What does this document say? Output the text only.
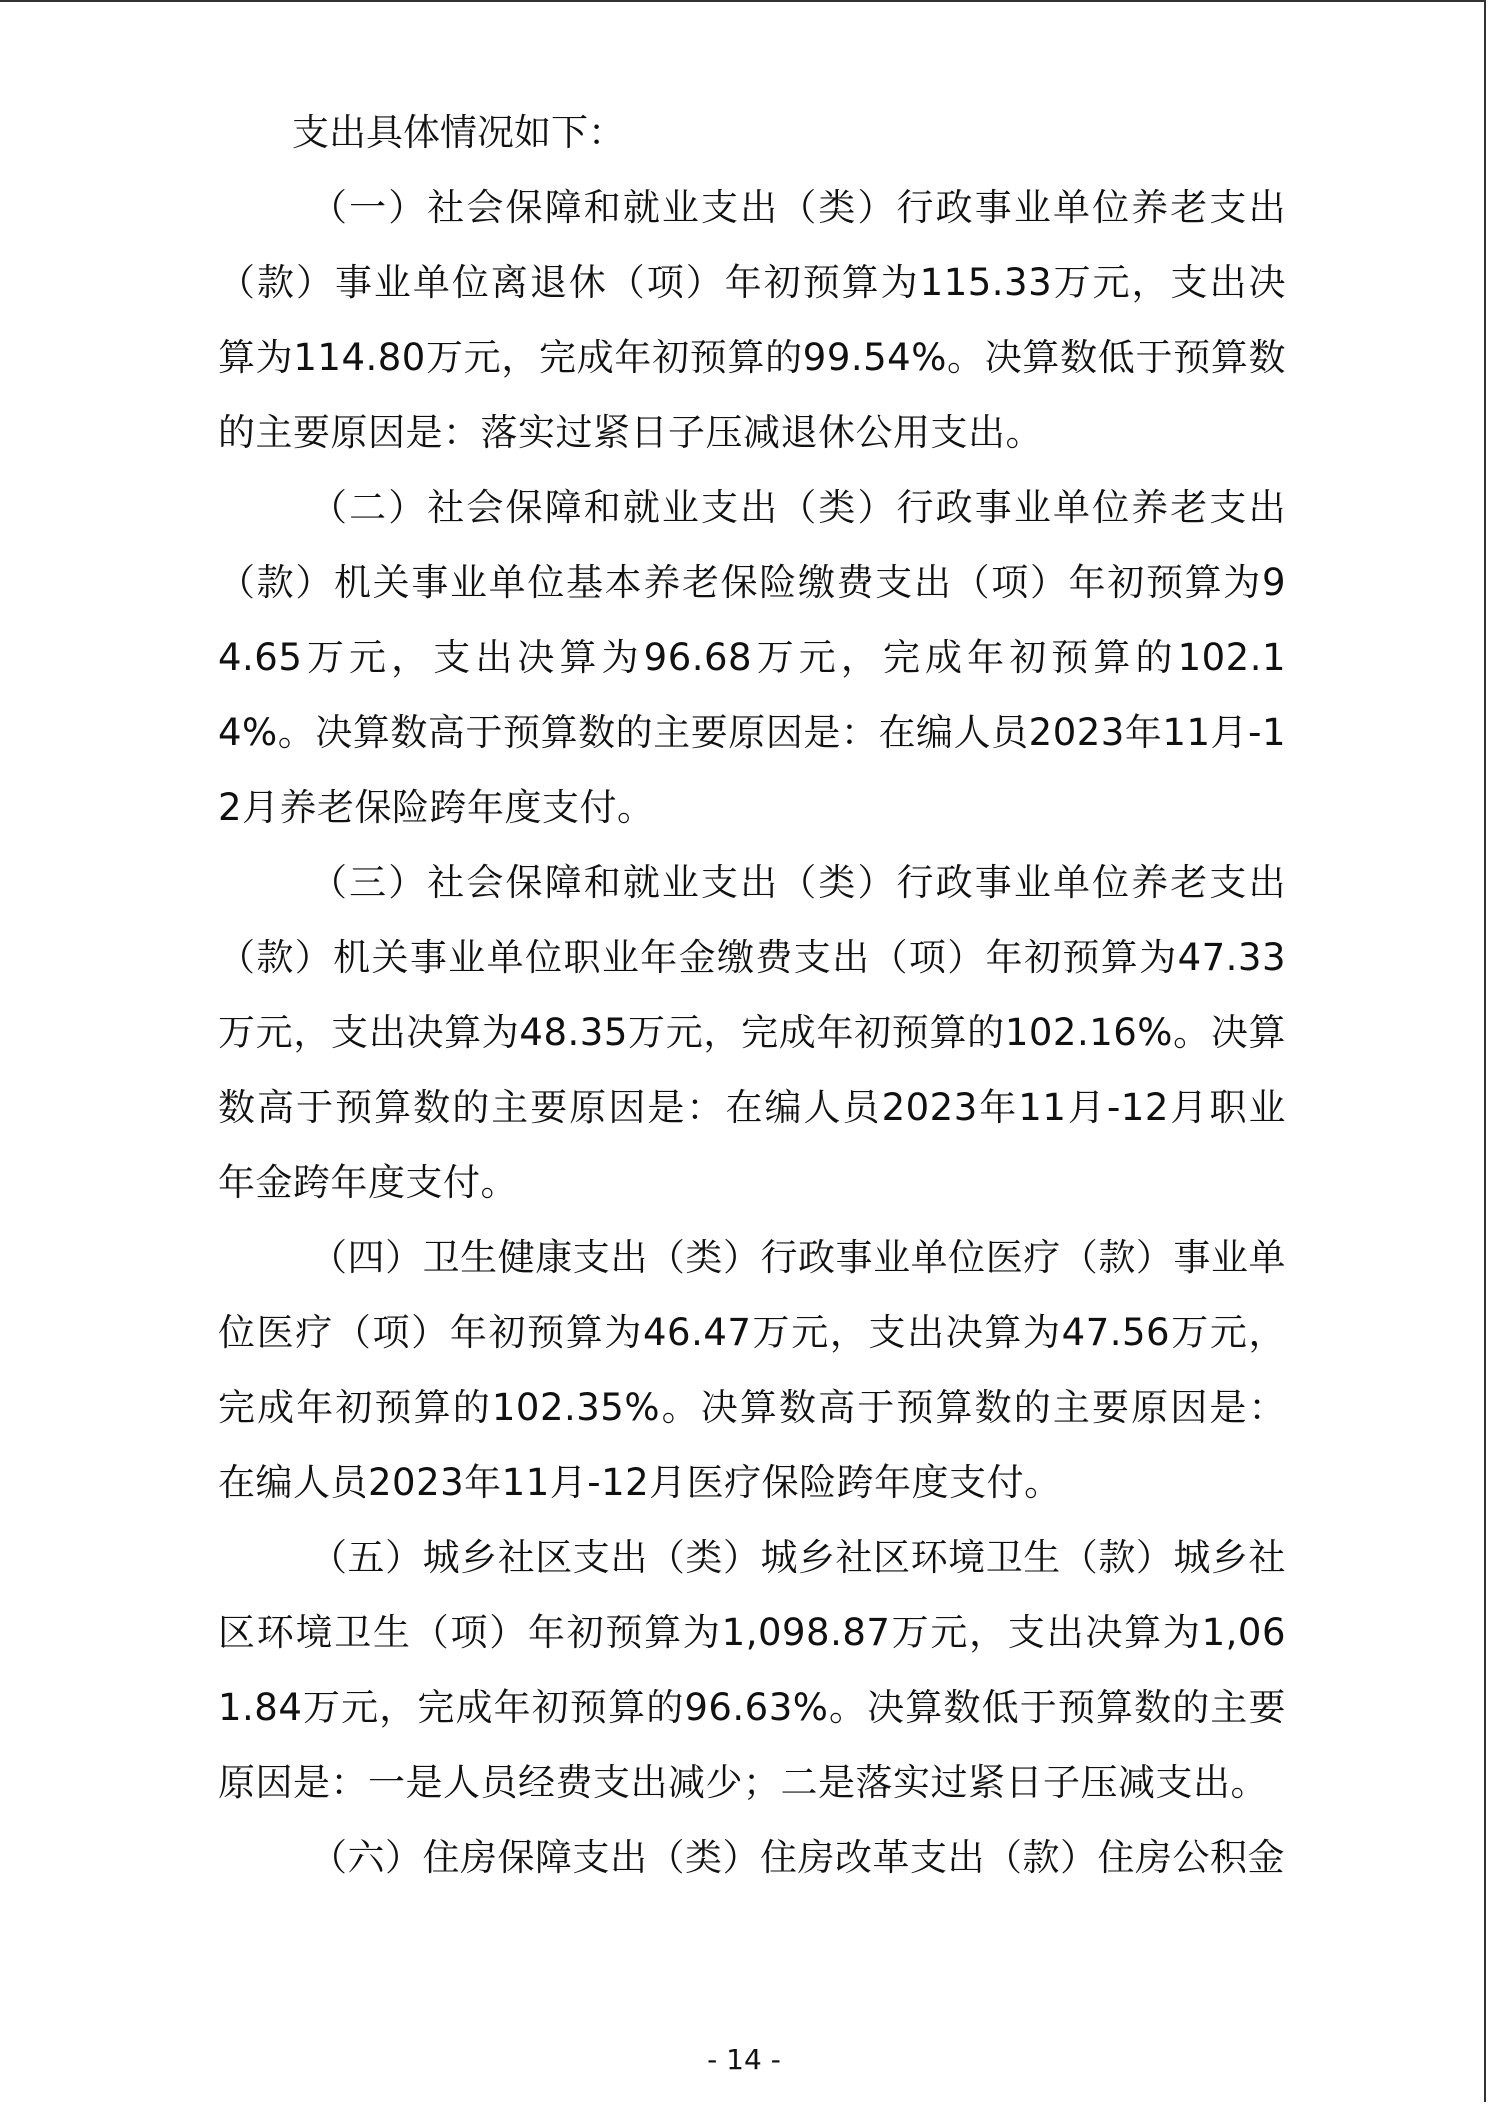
支出具体情况如下：

（一）社会保障和就业支出（类）行政事业单位养老支出（款）事业单位离退休（项）年初预算为115.33万元，支出决算为114.80万元，完成年初预算的99.54%。决算数低于预算数的主要原因是：落实过紧日子压减退休公用支出。

（二）社会保障和就业支出（类）行政事业单位养老支出（款）机关事业单位基本养老保险缴费支出（项）年初预算为94.65万元，支出决算为96.68万元，完成年初预算的102.14%。决算数高于预算数的主要原因是：在编人员2023年11月-12月养老保险跨年度支付。

（三）社会保障和就业支出（类）行政事业单位养老支出（款）机关事业单位职业年金缴费支出（项）年初预算为47.33万元，支出决算为48.35万元，完成年初预算的102.16%。决算数高于预算数的主要原因是：在编人员2023年11月-12月职业年金跨年度支付。

（四）卫生健康支出（类）行政事业单位医疗（款）事业单位医疗（项）年初预算为46.47万元，支出决算为47.56万元，完成年初预算的102.35%。决算数高于预算数的主要原因是：在编人员2023年11月-12月医疗保险跨年度支付。

（五）城乡社区支出（类）城乡社区环境卫生（款）城乡社区环境卫生（项）年初预算为1,098.87万元，支出决算为1,061.84万元，完成年初预算的96.63%。决算数低于预算数的主要原因是：一是人员经费支出减少；二是落实过紧日子压减支出。

（六）住房保障支出（类）住房改革支出（款）住房公积金

- 14 -
